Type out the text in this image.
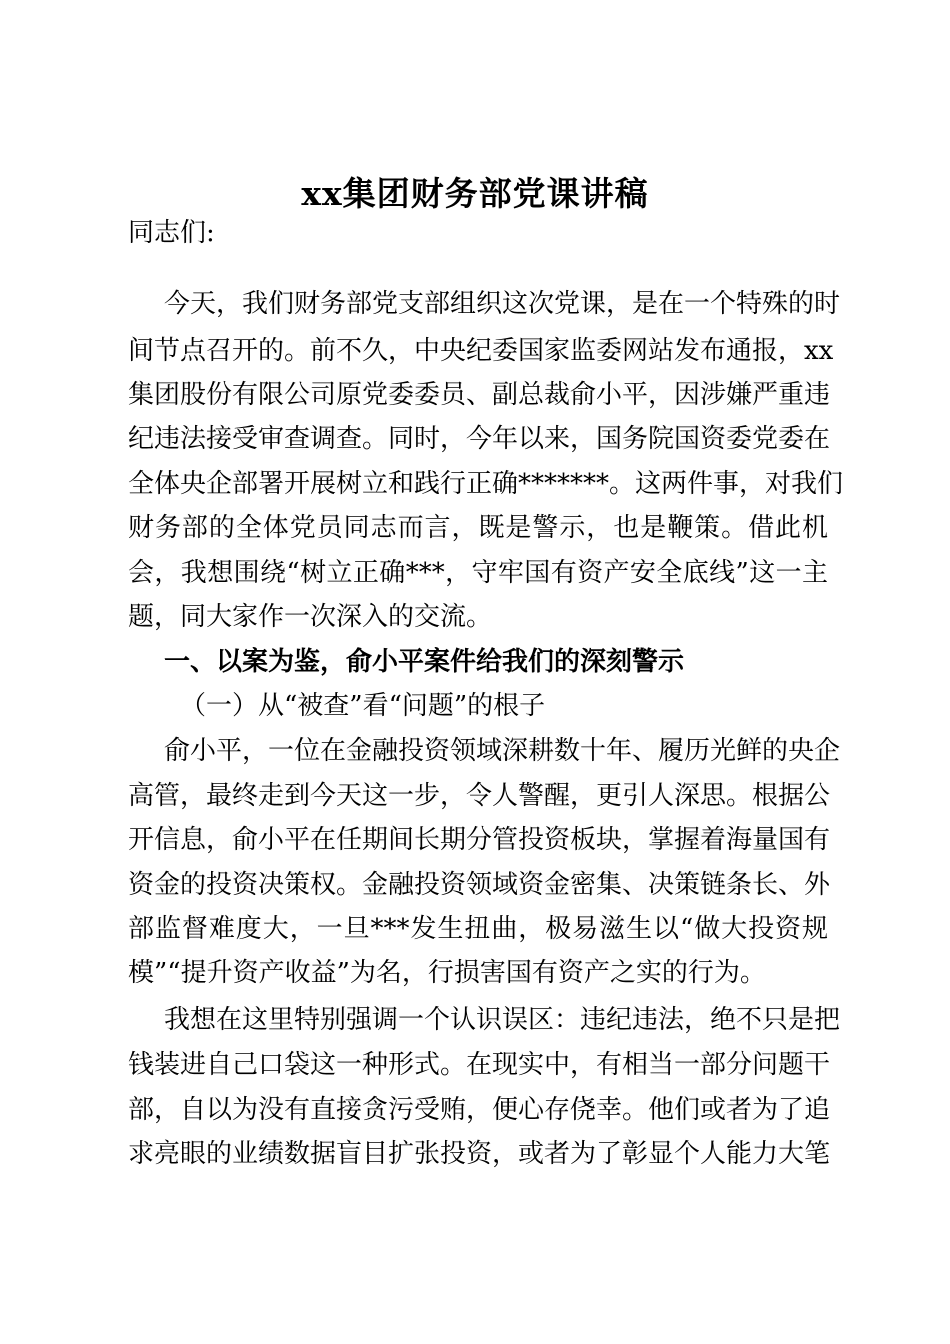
xx集团财务部党课讲稿
同志们:
今天，我们财务部党支部组织这次党课，是在一个特殊的时
间节点召开的。前不久，中央纪委国家监委网站发布通报，xx
集团股份有限公司原党委委员、副总裁俞小平，因涉嫌严重违
纪违法接受审查调查。同时，今年以来，国务院国资委党委在
全体央企部署开展树立和践行正确*******。这两件事，对我们
财务部的全体党员同志而言，既是警示，也是鞭策。借此机
会，我想围绕“树立正确***，守牢国有资产安全底线”这一主
题，同大家作一次深入的交流。
一、以案为鉴，俞小平案件给我们的深刻警示
（一）从“被查”看“问题”的根子
俞小平，一位在金融投资领域深耕数十年、履历光鲜的央企
高管，最终走到今天这一步，令人警醒，更引人深思。根据公
开信息，俞小平在任期间长期分管投资板块，掌握着海量国有
资金的投资决策权。金融投资领域资金密集、决策链条长、外
部监督难度大，一旦***发生扭曲，极易滋生以“做大投资规
模”“提升资产收益”为名，行损害国有资产之实的行为。
我想在这里特别强调一个认识误区：违纪违法，绝不只是把
钱装进自己口袋这一种形式。在现实中，有相当一部分问题干
部，自以为没有直接贪污受贿，便心存侥幸。他们或者为了追
求亮眼的业绩数据盲目扩张投资，或者为了彰显个人能力大笔
